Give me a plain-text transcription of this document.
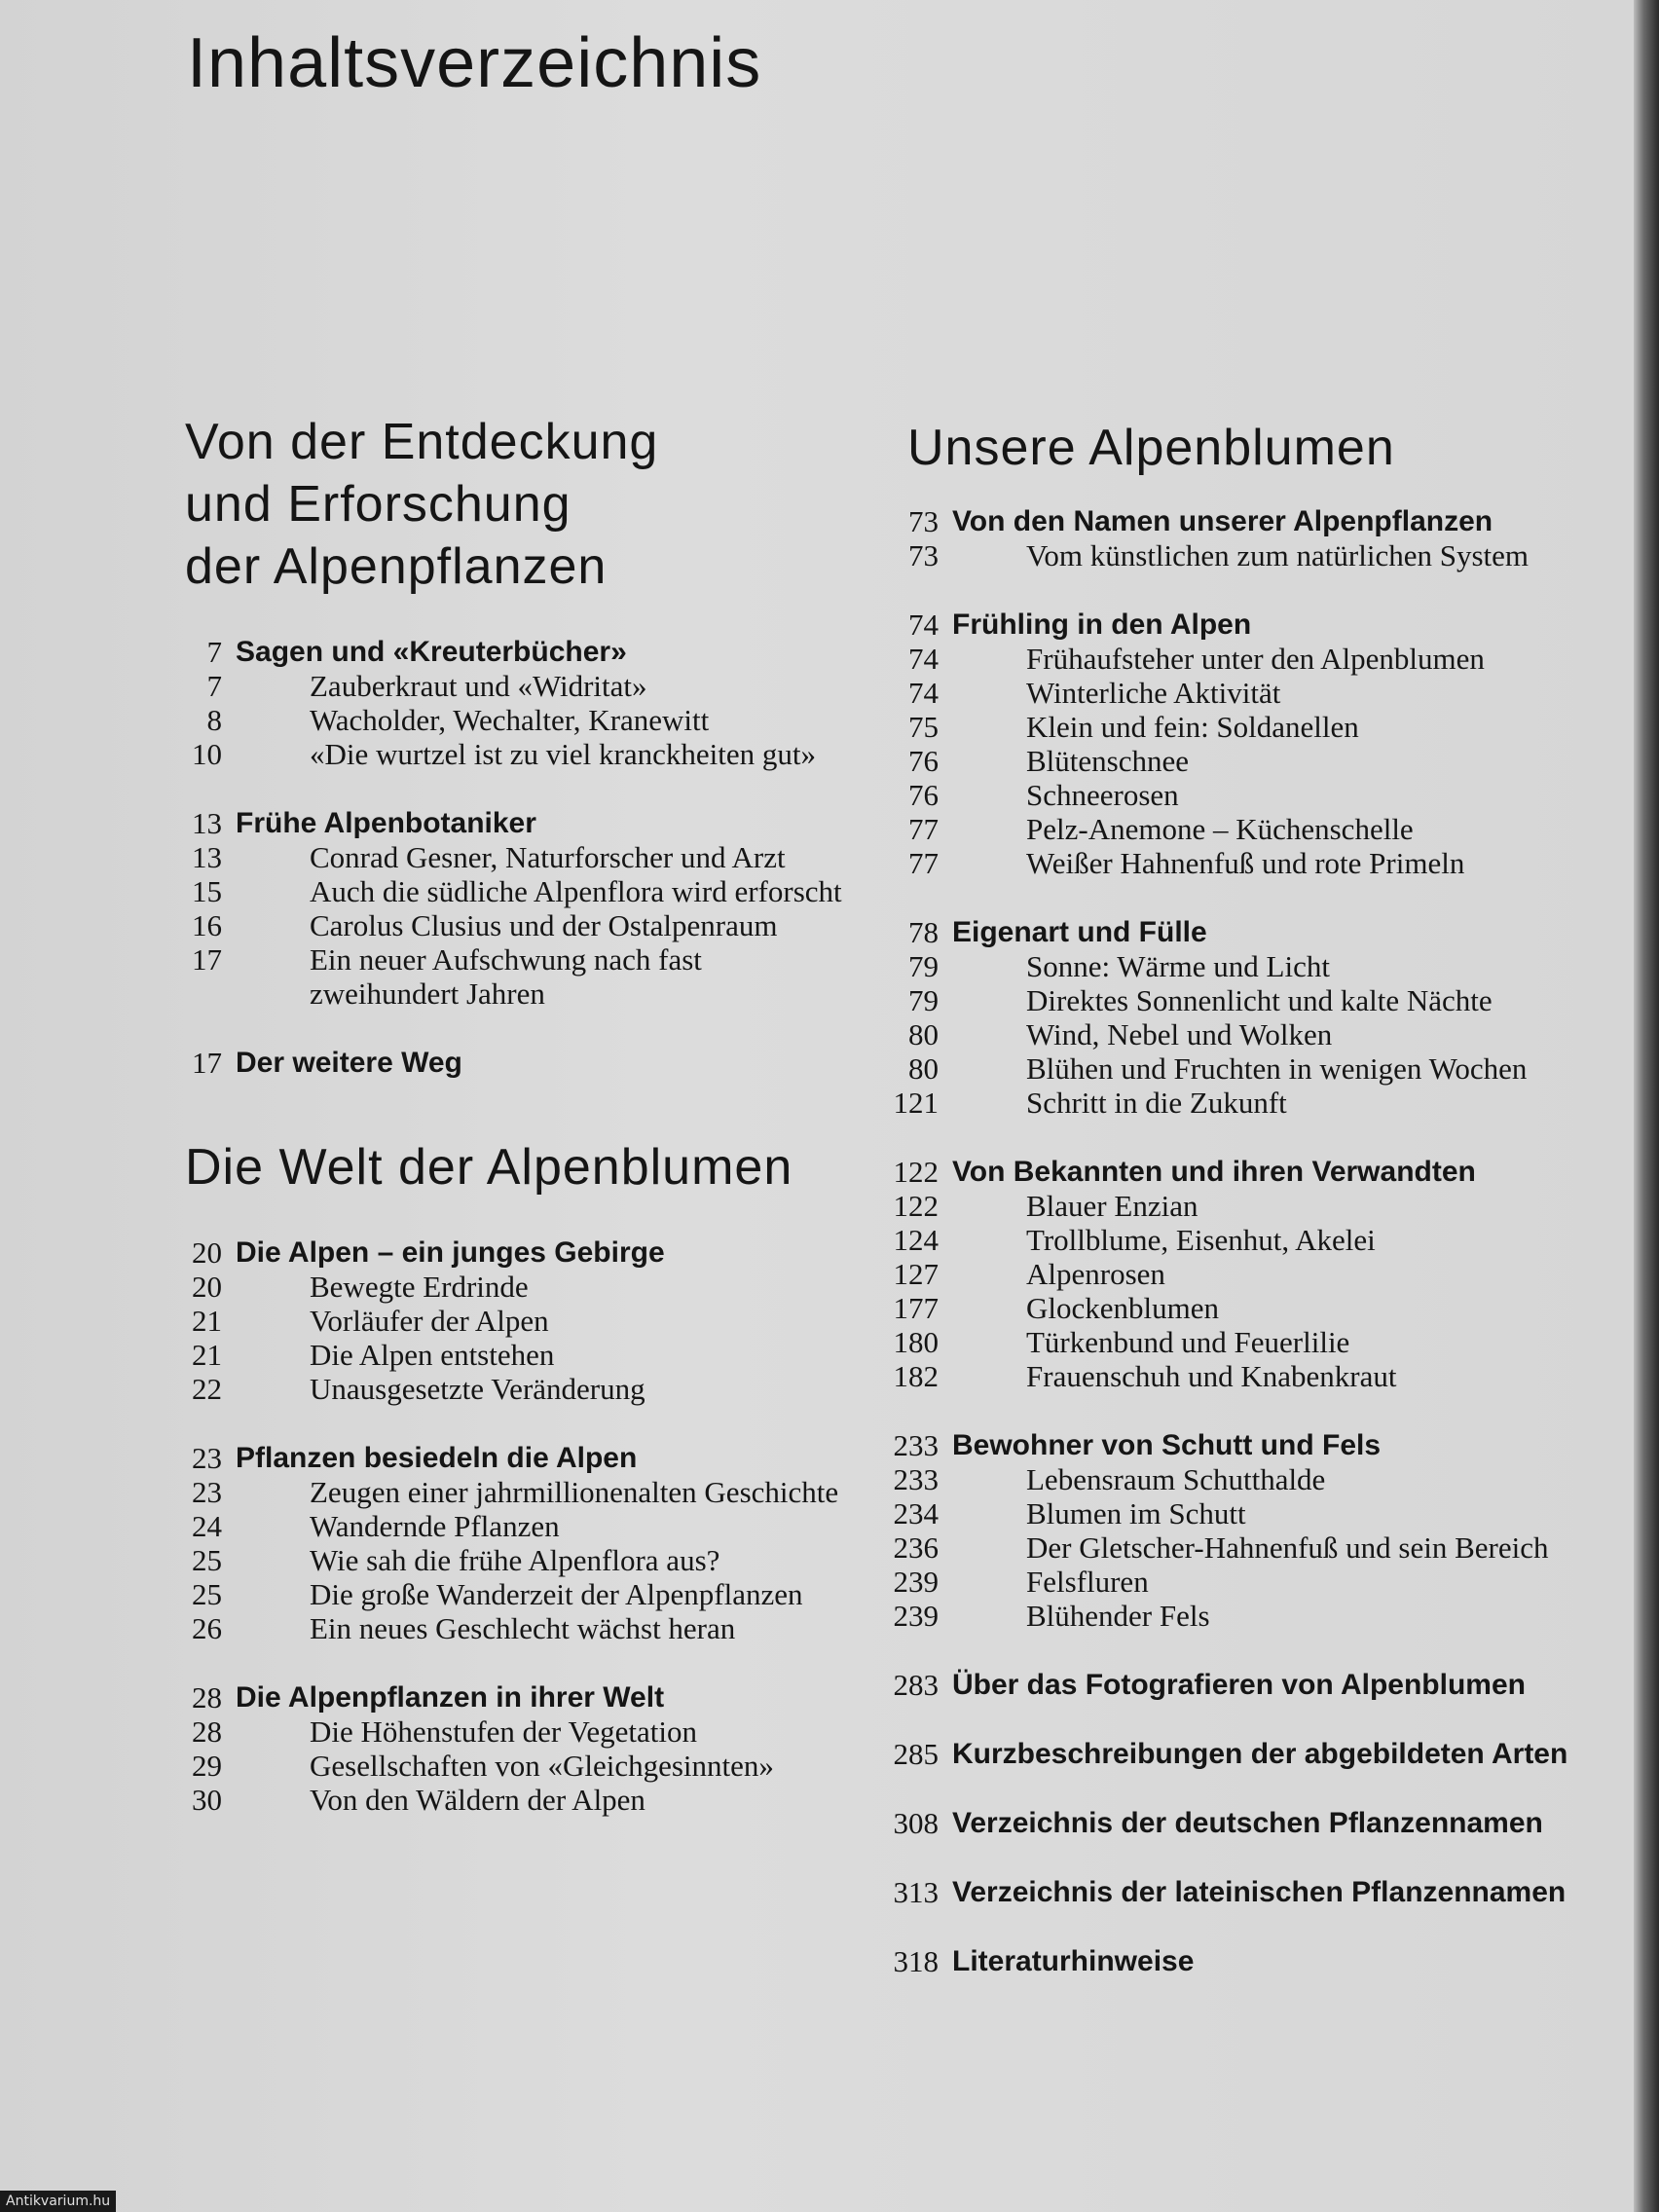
Inhaltsverzeichnis
Von der Entdeckung
und Erforschung
der Alpenpflanzen
7 Sagen und «Kreuterbücher»
7	Zauberkraut und «Widritat»
8	Wacholder, Wechalter, Kranewitt
10	«Die wurtzel ist zu viel kranckheiten gut»
13 Frühe Alpenbotaniker
13	Conrad Gesner, Naturforscher und Arzt
15	Auch die südliche Alpenflora wird erforscht
16	Carolus Clusius und der Ostalpenraum
17	Ein neuer Aufschwung nach fast zweihundert Jahren
17 Der weitere Weg
Die Welt der Alpenblumen
20 Die Alpen – ein junges Gebirge
20	Bewegte Erdrinde
21	Vorläufer der Alpen
21	Die Alpen entstehen
22	Unausgesetzte Veränderung
23 Pflanzen besiedeln die Alpen
23	Zeugen einer jahrmillionenalten Geschichte
24	Wandernde Pflanzen
25	Wie sah die frühe Alpenflora aus?
25	Die große Wanderzeit der Alpenpflanzen
26	Ein neues Geschlecht wächst heran
28 Die Alpenpflanzen in ihrer Welt
28	Die Höhenstufen der Vegetation
29	Gesellschaften von «Gleichgesinnten»
30	Von den Wäldern der Alpen
Unsere Alpenblumen
73 Von den Namen unserer Alpenpflanzen
73	Vom künstlichen zum natürlichen System
74 Frühling in den Alpen
74	Frühaufsteher unter den Alpenblumen
74	Winterliche Aktivität
75	Klein und fein: Soldanellen
76	Blütenschnee
76	Schneerosen
77	Pelz-Anemone – Küchenschelle
77	Weißer Hahnenfuß und rote Primeln
78 Eigenart und Fülle
79	Sonne: Wärme und Licht
79	Direktes Sonnenlicht und kalte Nächte
80	Wind, Nebel und Wolken
80	Blühen und Fruchten in wenigen Wochen
121	Schritt in die Zukunft
122 Von Bekannten und ihren Verwandten
122	Blauer Enzian
124	Trollblume, Eisenhut, Akelei
127	Alpenrosen
177	Glockenblumen
180	Türkenbund und Feuerlilie
182	Frauenschuh und Knabenkraut
233 Bewohner von Schutt und Fels
233	Lebensraum Schutthalde
234	Blumen im Schutt
236	Der Gletscher-Hahnenfuß und sein Bereich
239	Felsfluren
239	Blühender Fels
283 Über das Fotografieren von Alpenblumen
285 Kurzbeschreibungen der abgebildeten Arten
308 Verzeichnis der deutschen Pflanzennamen
313 Verzeichnis der lateinischen Pflanzennamen
318 Literaturhinweise
Antikvarium.hu
